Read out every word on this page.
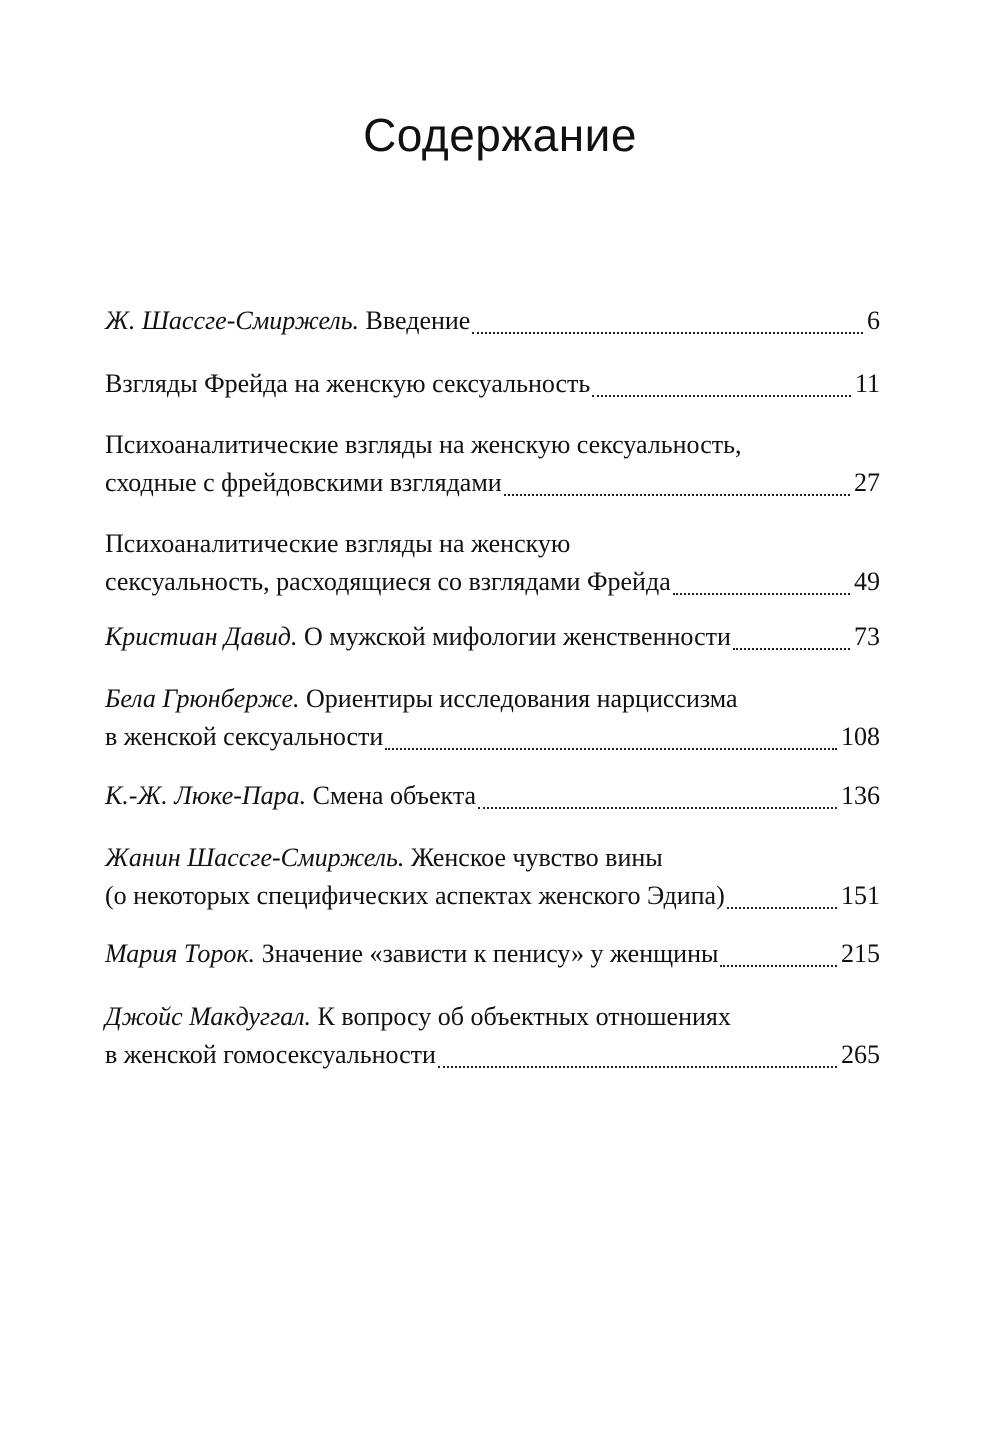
Содержание
Ж. Шассге-Смиржель. Введение	6
Взгляды Фрейда на женскую сексуальность	11
Психоаналитические взгляды на женскую сексуальность,
сходные с фрейдовскими взглядами	27
Психоаналитические взгляды на женскую
сексуальность, расходящиеся со взглядами Фрейда	49
Кристиан Давид. О мужской мифологии женственности	73
Бела Грюнберже. Ориентиры исследования нарциссизма
в женской сексуальности	108
К.-Ж. Люке-Пара. Смена объекта	136
Жанин Шассге-Смиржель. Женское чувство вины
(о некоторых специфических аспектах женского Эдипа)	151
Мария Торок. Значение «зависти к пенису» у женщины	215
Джойс Макдуггал. К вопросу об объектных отношениях
в женской гомосексуальности	265
